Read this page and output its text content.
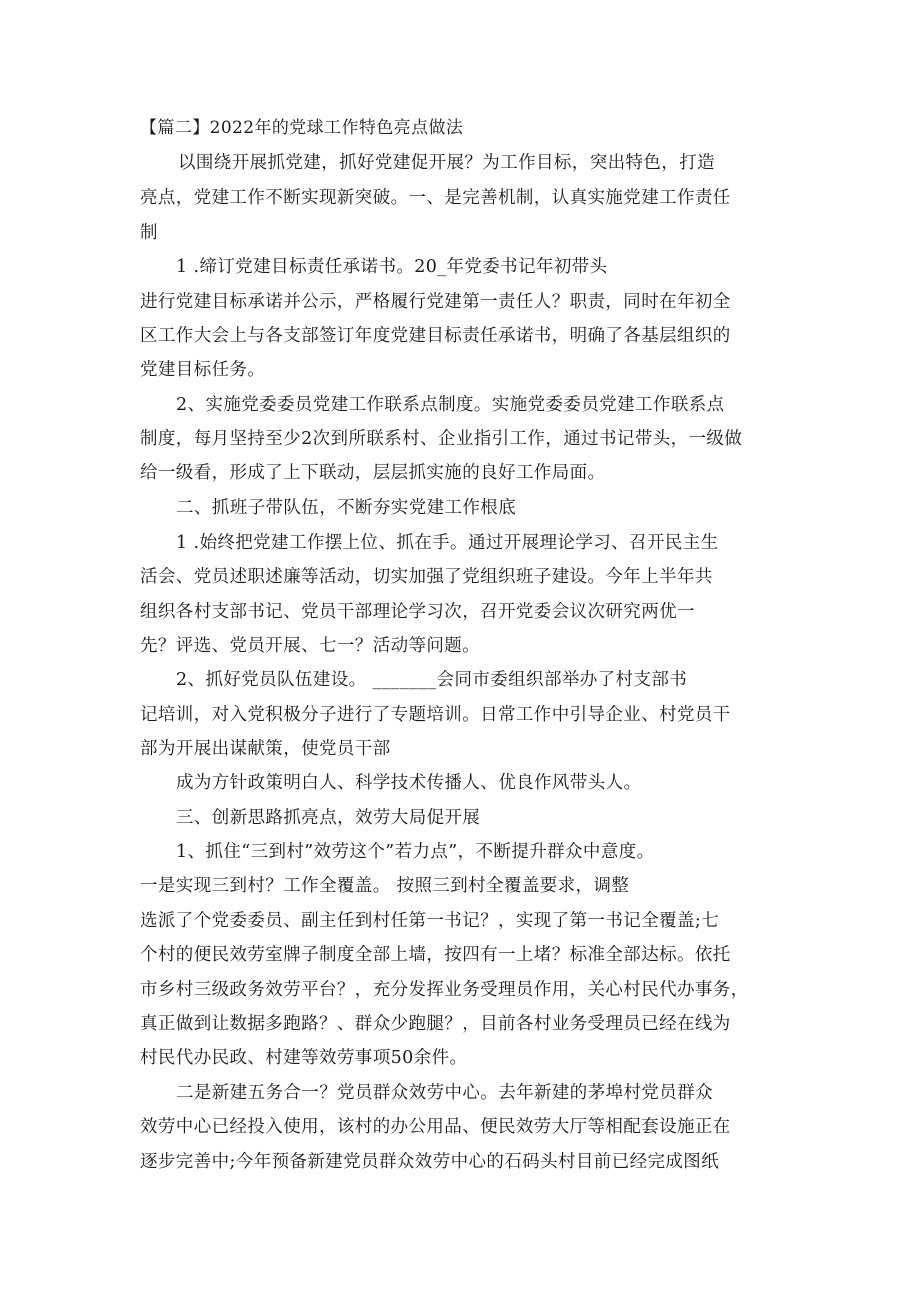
【篇二】2022年的党球工作特色亮点做法
以围绕开展抓党建，抓好党建促开展？为工作目标，突出特色，打造
亮点，党建工作不断实现新突破。一、是完善机制，认真实施党建工作责任
制
1 .缔订党建目标责任承诺书。20_年党委书记年初带头
进行党建目标承诺并公示，严格履行党建第一责任人？职责，同时在年初全
区工作大会上与各支部签订年度党建目标责任承诺书，明确了各基层组织的
党建目标任务。
2、实施党委委员党建工作联系点制度。实施党委委员党建工作联系点
制度，每月坚持至少2次到所联系村、企业指引工作，通过书记带头，一级做
给一级看，形成了上下联动，层层抓实施的良好工作局面。
二、抓班子带队伍，不断夯实党建工作根底
1 .始终把党建工作摆上位、抓在手。通过开展理论学习、召开民主生
活会、党员述职述廉等活动，切实加强了党组织班子建设。今年上半年共
组织各村支部书记、党员干部理论学习次，召开党委会议次研究两优一
先？评选、党员开展、七一？活动等问题。
2、抓好党员队伍建设。 _______会同市委组织部举办了村支部书
记培训，对入党积极分子进行了专题培训。日常工作中引导企业、村党员干
部为开展出谋献策，使党员干部
成为方针政策明白人、科学技术传播人、优良作风带头人。
三、创新思路抓亮点，效劳大局促开展
1、抓住“三到村”效劳这个”若力点”，不断提升群众中意度。
一是实现三到村？工作全覆盖。 按照三到村全覆盖要求，调整
选派了个党委委员、副主任到村任第一书记？，实现了第一书记全覆盖;七
个村的便民效劳室牌子制度全部上墙，按四有一上堵？标准全部达标。依托
市乡村三级政务效劳平台？，充分发挥业务受理员作用，关心村民代办事务，
真正做到让数据多跑路？、群众少跑腿？，目前各村业务受理员已经在线为
村民代办民政、村建等效劳事项50余件。
二是新建五务合一？党员群众效劳中心。去年新建的茅埠村党员群众
效劳中心已经投入使用，该村的办公用品、便民效劳大厅等相配套设施正在
逐步完善中;今年预备新建党员群众效劳中心的石码头村目前已经完成图纸
